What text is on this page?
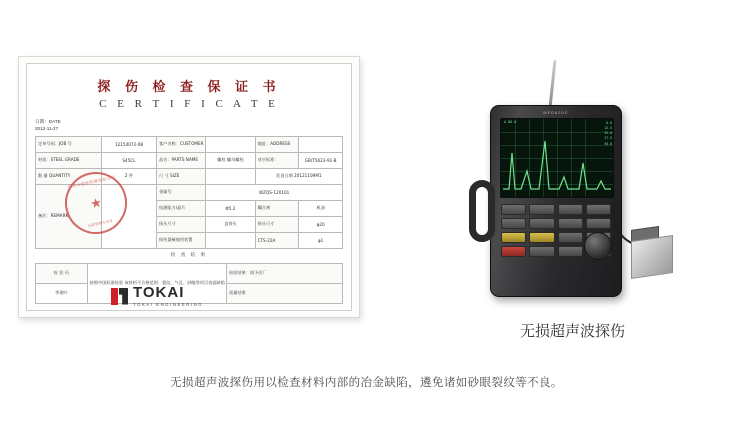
探 伤 检 查 保 证 书
C E R T I F I C A T E
日期：DATE
2012-11-27
定单号码：JOB 号	12154072-08	客户名称：CUSTOMER		地址：ADDRESS	
材质：STEEL GRADE	S45CL	品名：PARTS NAME	螺栓 螺母螺栓	对应标准：	GB/T5623-91-B
数 量 QUANTITY	2 件	尺 寸 SIZE		发货日期 20121109M1	
备注：REMARK		金属号	WZQS-120101		
		检测能力/晶片	Φ5.2	耦合剂	机油
		探头尺寸	直探头	探头尺寸	φ20
		探伤器械使用装置		CTS-22A	φ1
检 查 结 果
检 验 员	按照中国标准检验 该材料不合格范围：裂纹、气孔、砂眼等项目表面缺陷	检验结果：请予出厂
李建叶		质量结果
常州市精密机械有限公司
★
品质管理专用章
TOKAI
TOKAI ENGINEERING
MFD620C
A 80.0	0.0
12.5
25.0
37.5
50.0
无损超声波探伤
无损超声波探伤用以检查材料内部的冶金缺陷，遴免诸如砂眼裂纹等不良。
